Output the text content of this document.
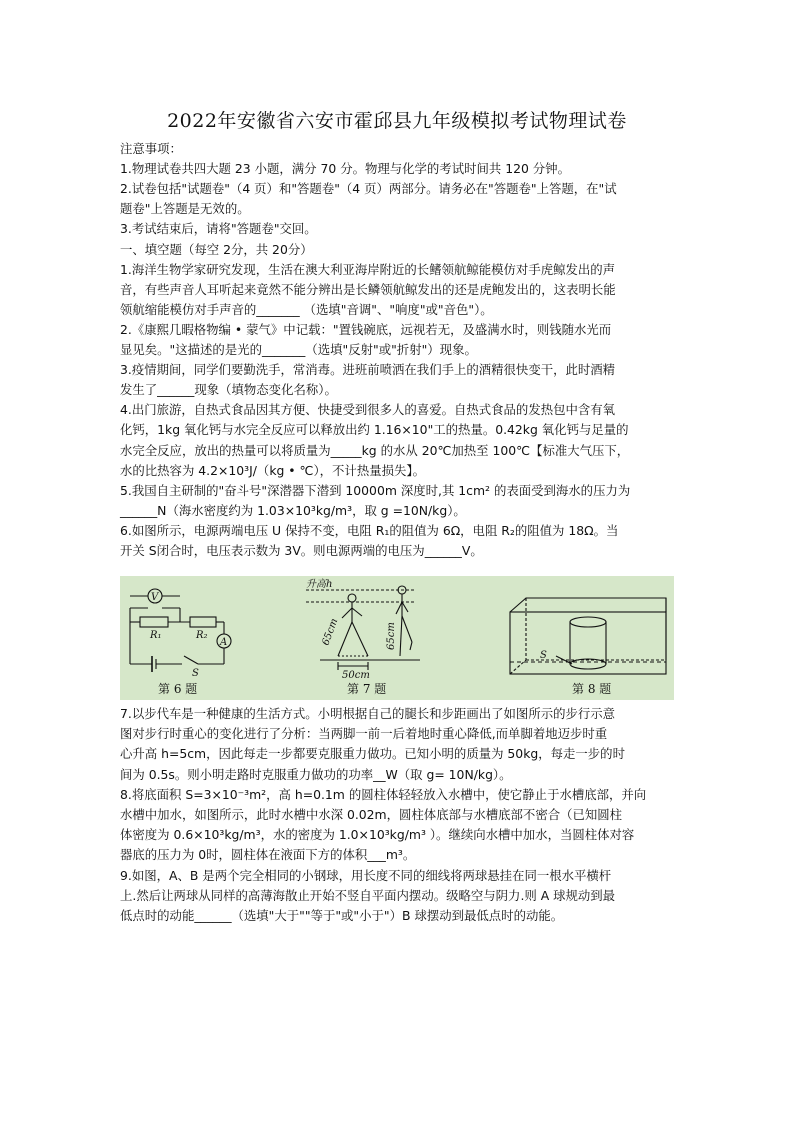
2022年安徽省六安市霍邱县九年级模拟考试物理试卷
注意事项：
1.物理试卷共四大题 23 小题，满分 70 分。物理与化学的考试时间共 120 分钟。
2.试卷包括"试题卷"（4 页）和"答题卷"（4 页）两部分。请务必在"答题卷"上答题，在"试
题卷"上答题是无效的。
3.考试结束后，请将"答题卷"交回。
一、填空题（每空 2分，共 20分）
1.海洋生物学家研究发现，生活在澳大利亚海岸附近的长鳍领航鲸能模仿对手虎鲸发出的声
音，有些声音人耳听起来竟然不能分辨出是长鳞领航鲸发出的还是虎鲍发出的，这表明长能
领航缩能模仿对手声音的_______ （选填"音调"、"响度"或"音色"）。
2.《康熙几暇格物编 • 蒙气》中记载："置钱碗底，远视若无，及盛满水时，则钱随水光而
显见矣。"这描述的是光的_______（选填"反射"或"折射"）现象。
3.疫情期间，同学们要勤洗手，常消毒。进班前喷洒在我们手上的酒精很快变干，此时酒精
发生了______现象（填物态变化名称）。
4.出门旅游，自热式食品因其方便、快捷受到很多人的喜爱。自热式食品的发热包中含有氧
化钙，1kg 氧化钙与水完全反应可以释放出约 1.16×10"工的热量。0.42kg 氧化钙与足量的
水完全反应，放出的热量可以将质量为_____kg 的水从 20℃加热至 100℃【标准大气压下，
水的比热容为 4.2×10³J/（kg • ℃），不计热量损失】。
5.我国自主研制的"奋斗号"深潜器下潜到 10000m 深度时,其 1cm² 的表面受到海水的压力为
______N（海水密度约为 1.03×10³kg/m³，取 g =10N/kg）。
6.如图所示，电源两端电压 U 保持不变，电阻 R₁的阻值为 6Ω，电阻 R₂的阻值为 18Ω。当
开关 S闭合时，电压表示数为 3V。则电源两端的电压为______V。
7.以步代车是一种健康的生活方式。小明根据自己的腿长和步距画出了如图所示的步行示意
图对步行时重心的变化进行了分析：当两脚一前一后着地时重心降低,而单脚着地迈步时重
心升高 h=5cm，因此每走一步都要克服重力做功。已知小明的质量为 50kg，每走一步的时
间为 0.5s。则小明走路时克服重力做功的功率__W（取 g= 10N/kg）。
8.将底面积 S=3×10⁻³m²，高 h=0.1m 的圆柱体轻轻放入水槽中，使它静止于水槽底部，并向
水槽中加水，如图所示，此时水槽中水深 0.02m，圆柱体底部与水槽底部不密合（已知圆柱
体密度为 0.6×10³kg/m³，水的密度为 1.0×10³kg/m³ ）。继续向水槽中加水，当圆柱体对容
器底的压力为 0时，圆柱体在液面下方的体积___m³。
9.如图，A、B 是两个完全相同的小钢球，用长度不同的细线将两球悬挂在同一根水平横杆
上.然后让两球从同样的高薄海散止开始不竖自平面内摆动。级略空与阴力.则 A 球规动到最
低点时的动能______（选填"大于""等于"或"小于"）B 球摆动到最低点时的动能。
V
A
R₁	R₂
S
第 6 题
升高h
65cm	65cm
50cm
第 7 题
S
第 8 题
